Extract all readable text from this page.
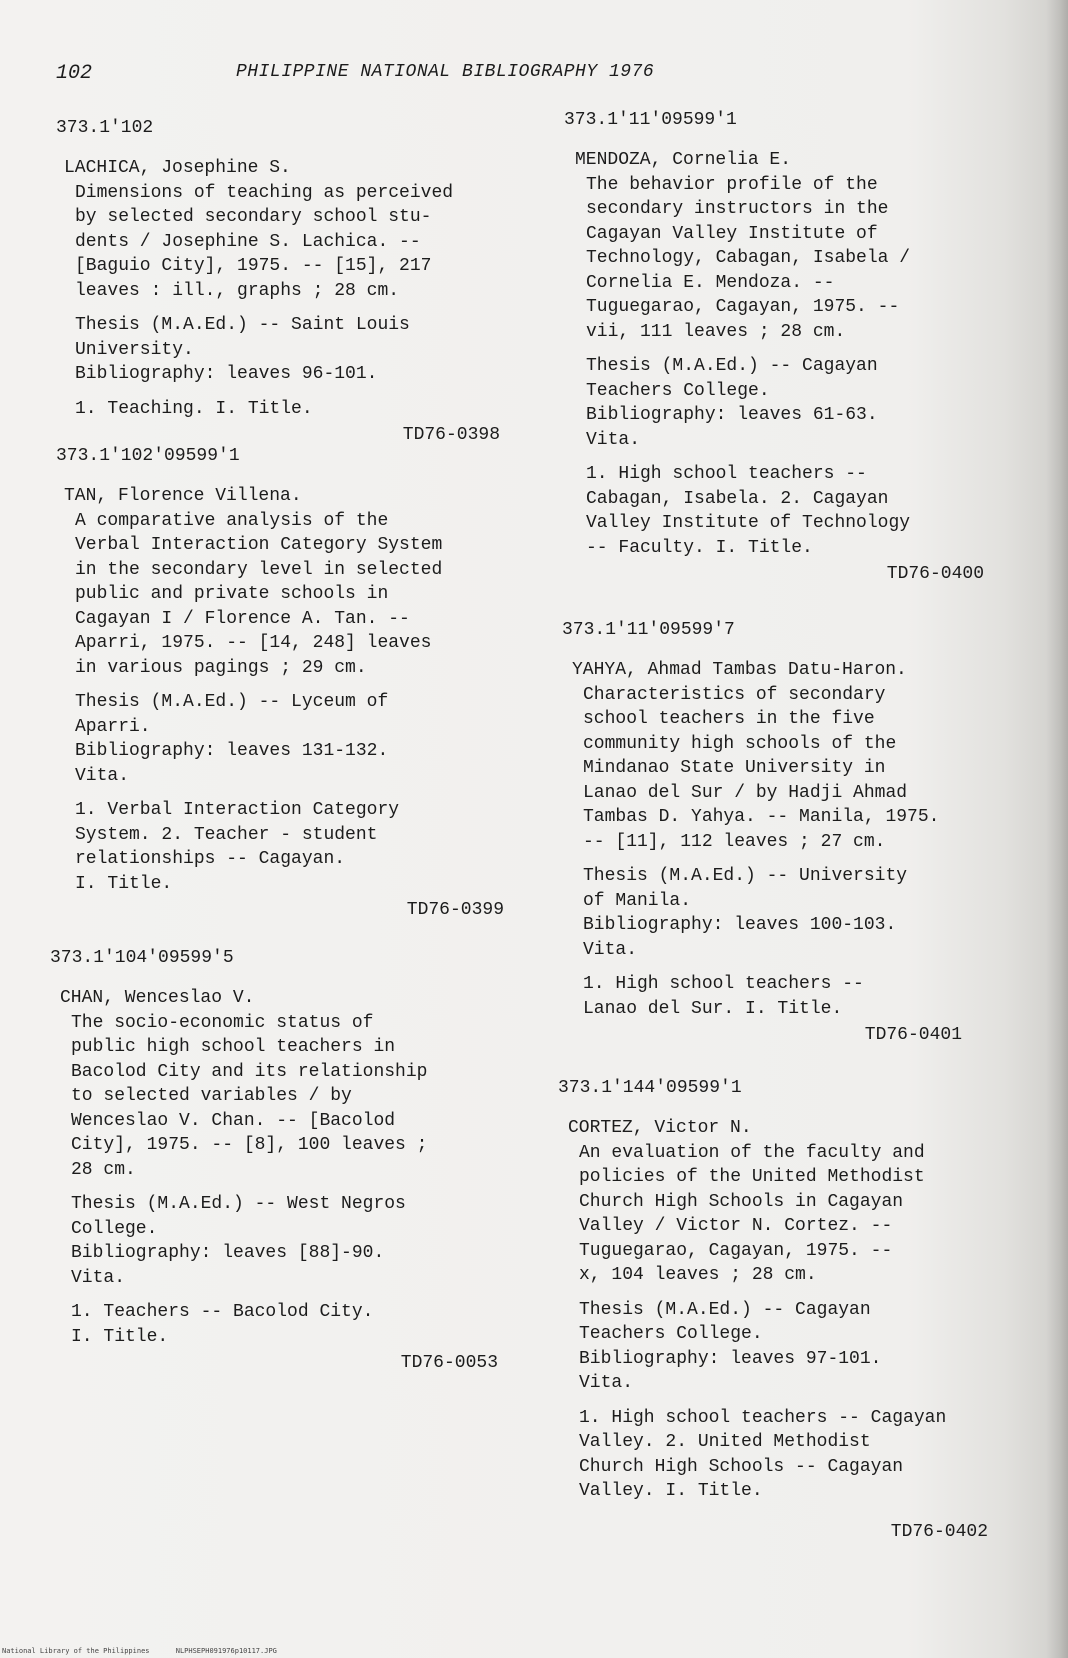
102	PHILIPPINE NATIONAL BIBLIOGRAPHY 1976
373.1'102
LACHICA, Josephine S.
Dimensions of teaching as perceived
by selected secondary school stu-
dents / Josephine S. Lachica. --
[Baguio City], 1975. -- [15], 217
leaves : ill., graphs ; 28 cm.
Thesis (M.A.Ed.) -- Saint Louis
University.
Bibliography: leaves 96-101.
1. Teaching. I. Title.
TD76-0398
373.1'102'09599'1
TAN, Florence Villena.
A comparative analysis of the
Verbal Interaction Category System
in the secondary level in selected
public and private schools in
Cagayan I / Florence A. Tan. --
Aparri, 1975. -- [14, 248] leaves
in various pagings ; 29 cm.
Thesis (M.A.Ed.) -- Lyceum of
Aparri.
Bibliography: leaves 131-132.
Vita.
1. Verbal Interaction Category
System. 2. Teacher - student
relationships -- Cagayan.
I. Title.
TD76-0399
373.1'104'09599'5
CHAN, Wenceslao V.
The socio-economic status of
public high school teachers in
Bacolod City and its relationship
to selected variables / by
Wenceslao V. Chan. -- [Bacolod
City], 1975. -- [8], 100 leaves ;
28 cm.
Thesis (M.A.Ed.) -- West Negros
College.
Bibliography: leaves [88]-90.
Vita.
1. Teachers -- Bacolod City.
I. Title.
TD76-0053
373.1'11'09599'1
MENDOZA, Cornelia E.
The behavior profile of the
secondary instructors in the
Cagayan Valley Institute of
Technology, Cabagan, Isabela /
Cornelia E. Mendoza. --
Tuguegarao, Cagayan, 1975. --
vii, 111 leaves ; 28 cm.
Thesis (M.A.Ed.) -- Cagayan
Teachers College.
Bibliography: leaves 61-63.
Vita.
1. High school teachers --
Cabagan, Isabela. 2. Cagayan
Valley Institute of Technology
-- Faculty. I. Title.
TD76-0400
373.1'11'09599'7
YAHYA, Ahmad Tambas Datu-Haron.
Characteristics of secondary
school teachers in the five
community high schools of the
Mindanao State University in
Lanao del Sur / by Hadji Ahmad
Tambas D. Yahya. -- Manila, 1975.
-- [11], 112 leaves ; 27 cm.
Thesis (M.A.Ed.) -- University
of Manila.
Bibliography: leaves 100-103.
Vita.
1. High school teachers --
Lanao del Sur. I. Title.
TD76-0401
373.1'144'09599'1
CORTEZ, Victor N.
An evaluation of the faculty and
policies of the United Methodist
Church High Schools in Cagayan
Valley / Victor N. Cortez. --
Tuguegarao, Cagayan, 1975. --
x, 104 leaves ; 28 cm.
Thesis (M.A.Ed.) -- Cagayan
Teachers College.
Bibliography: leaves 97-101.
Vita.
1. High school teachers -- Cagayan
Valley. 2. United Methodist
Church High Schools -- Cagayan
Valley. I. Title.
TD76-0402
National Library of the Philippines	NLPHSEPH091976p10117.JPG
